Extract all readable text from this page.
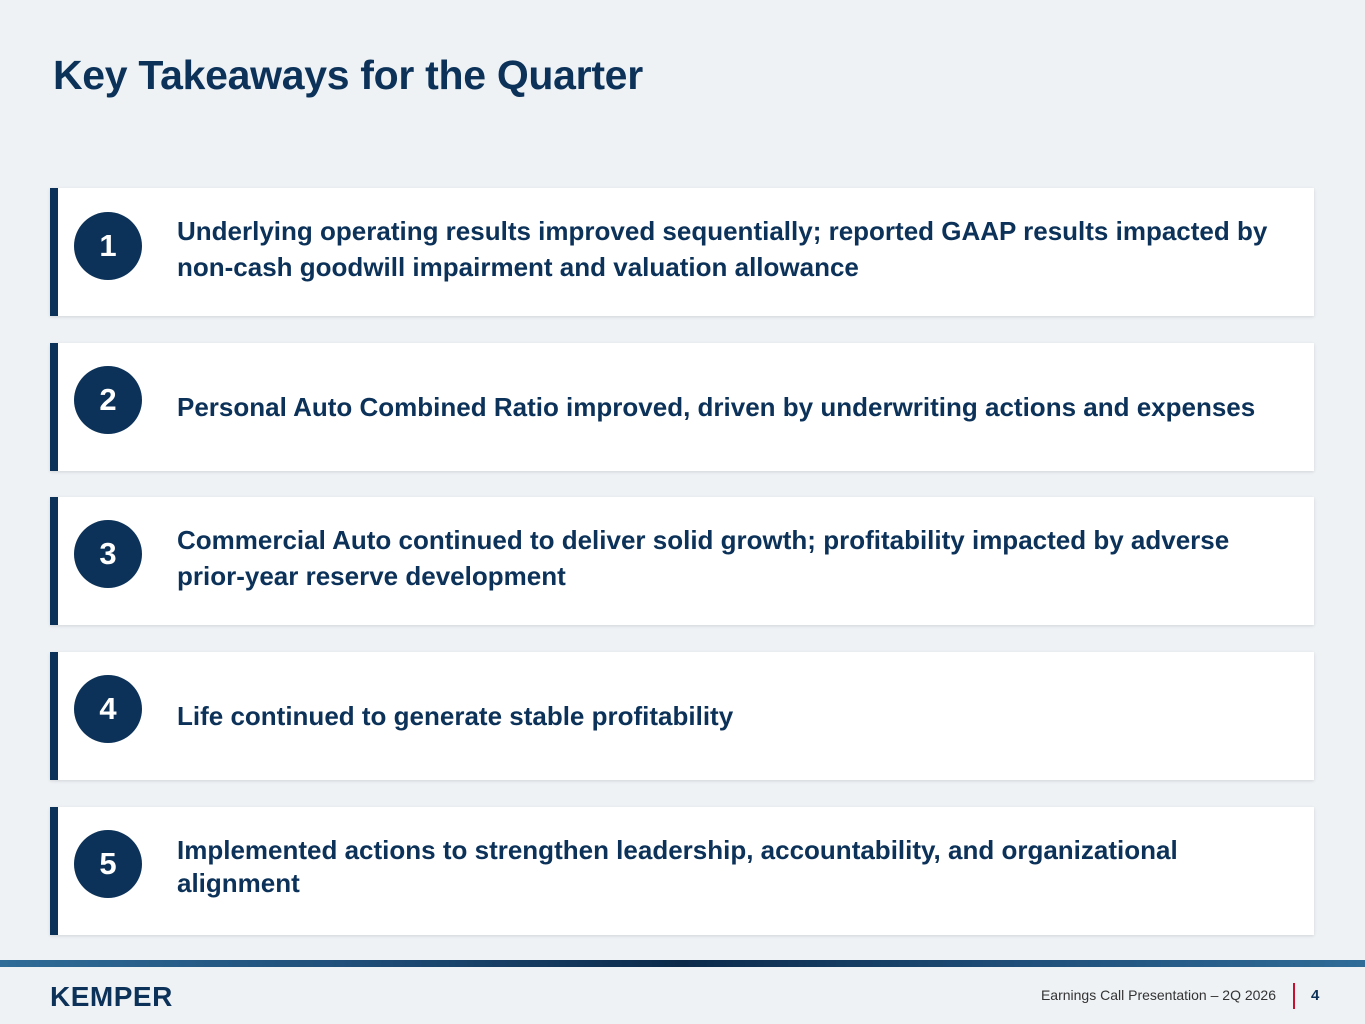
Key Takeaways for the Quarter
1	Underlying operating results improved sequentially; reported GAAP results impacted by non-cash goodwill impairment and valuation allowance
2	Personal Auto Combined Ratio improved, driven by underwriting actions and expenses
3	Commercial Auto continued to deliver solid growth; profitability impacted by adverse prior-year reserve development
4	Life continued to generate stable profitability
5	Implemented actions to strengthen leadership, accountability, and organizational alignment
KEMPER	Earnings Call Presentation – 2Q 2026 4
